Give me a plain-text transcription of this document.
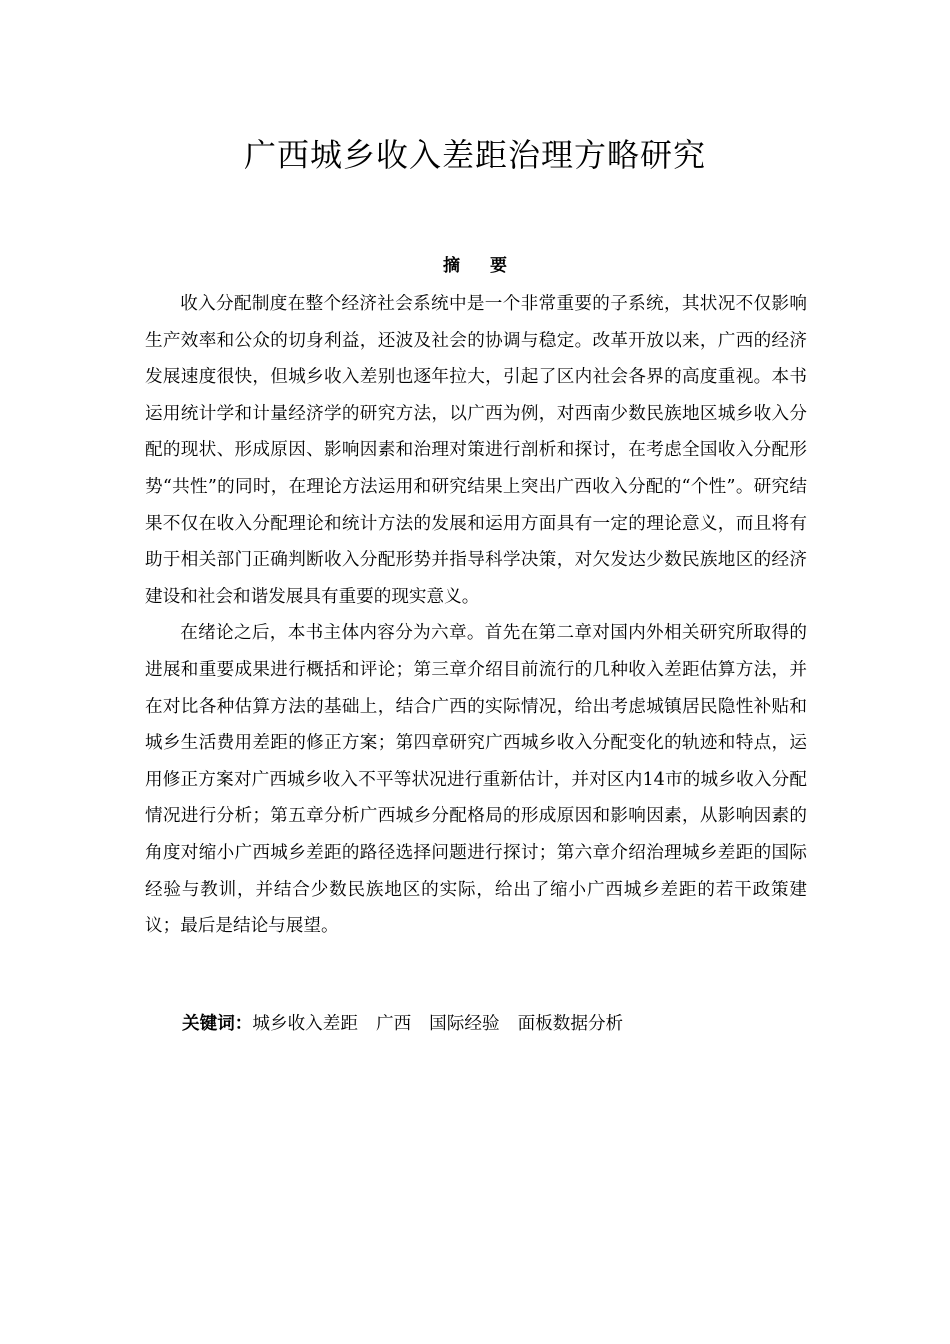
广西城乡收入差距治理方略研究
摘 要

收入分配制度在整个经济社会系统中是一个非常重要的子系统，其状况不仅影响生产效率和公众的切身利益，还波及社会的协调与稳定。改革开放以来，广西的经济发展速度很快，但城乡收入差别也逐年拉大，引起了区内社会各界的高度重视。本书运用统计学和计量经济学的研究方法，以广西为例，对西南少数民族地区城乡收入分配的现状、形成原因、影响因素和治理对策进行剖析和探讨，在考虑全国收入分配形势“共性”的同时，在理论方法运用和研究结果上突出广西收入分配的“个性”。研究结果不仅在收入分配理论和统计方法的发展和运用方面具有一定的理论意义，而且将有助于相关部门正确判断收入分配形势并指导科学决策，对欠发达少数民族地区的经济建设和社会和谐发展具有重要的现实意义。

在绪论之后，本书主体内容分为六章。首先在第二章对国内外相关研究所取得的进展和重要成果进行概括和评论；第三章介绍目前流行的几种收入差距估算方法，并在对比各种估算方法的基础上，结合广西的实际情况，给出考虑城镇居民隐性补贴和城乡生活费用差距的修正方案；第四章研究广西城乡收入分配变化的轨迹和特点，运用修正方案对广西城乡收入不平等状况进行重新估计，并对区内14市的城乡收入分配情况进行分析；第五章分析广西城乡分配格局的形成原因和影响因素，从影响因素的角度对缩小广西城乡差距的路径选择问题进行探讨；第六章介绍治理城乡差距的国际经验与教训，并结合少数民族地区的实际，给出了缩小广西城乡差距的若干政策建议；最后是结论与展望。

关键词：城乡收入差距 广西 国际经验 面板数据分析
